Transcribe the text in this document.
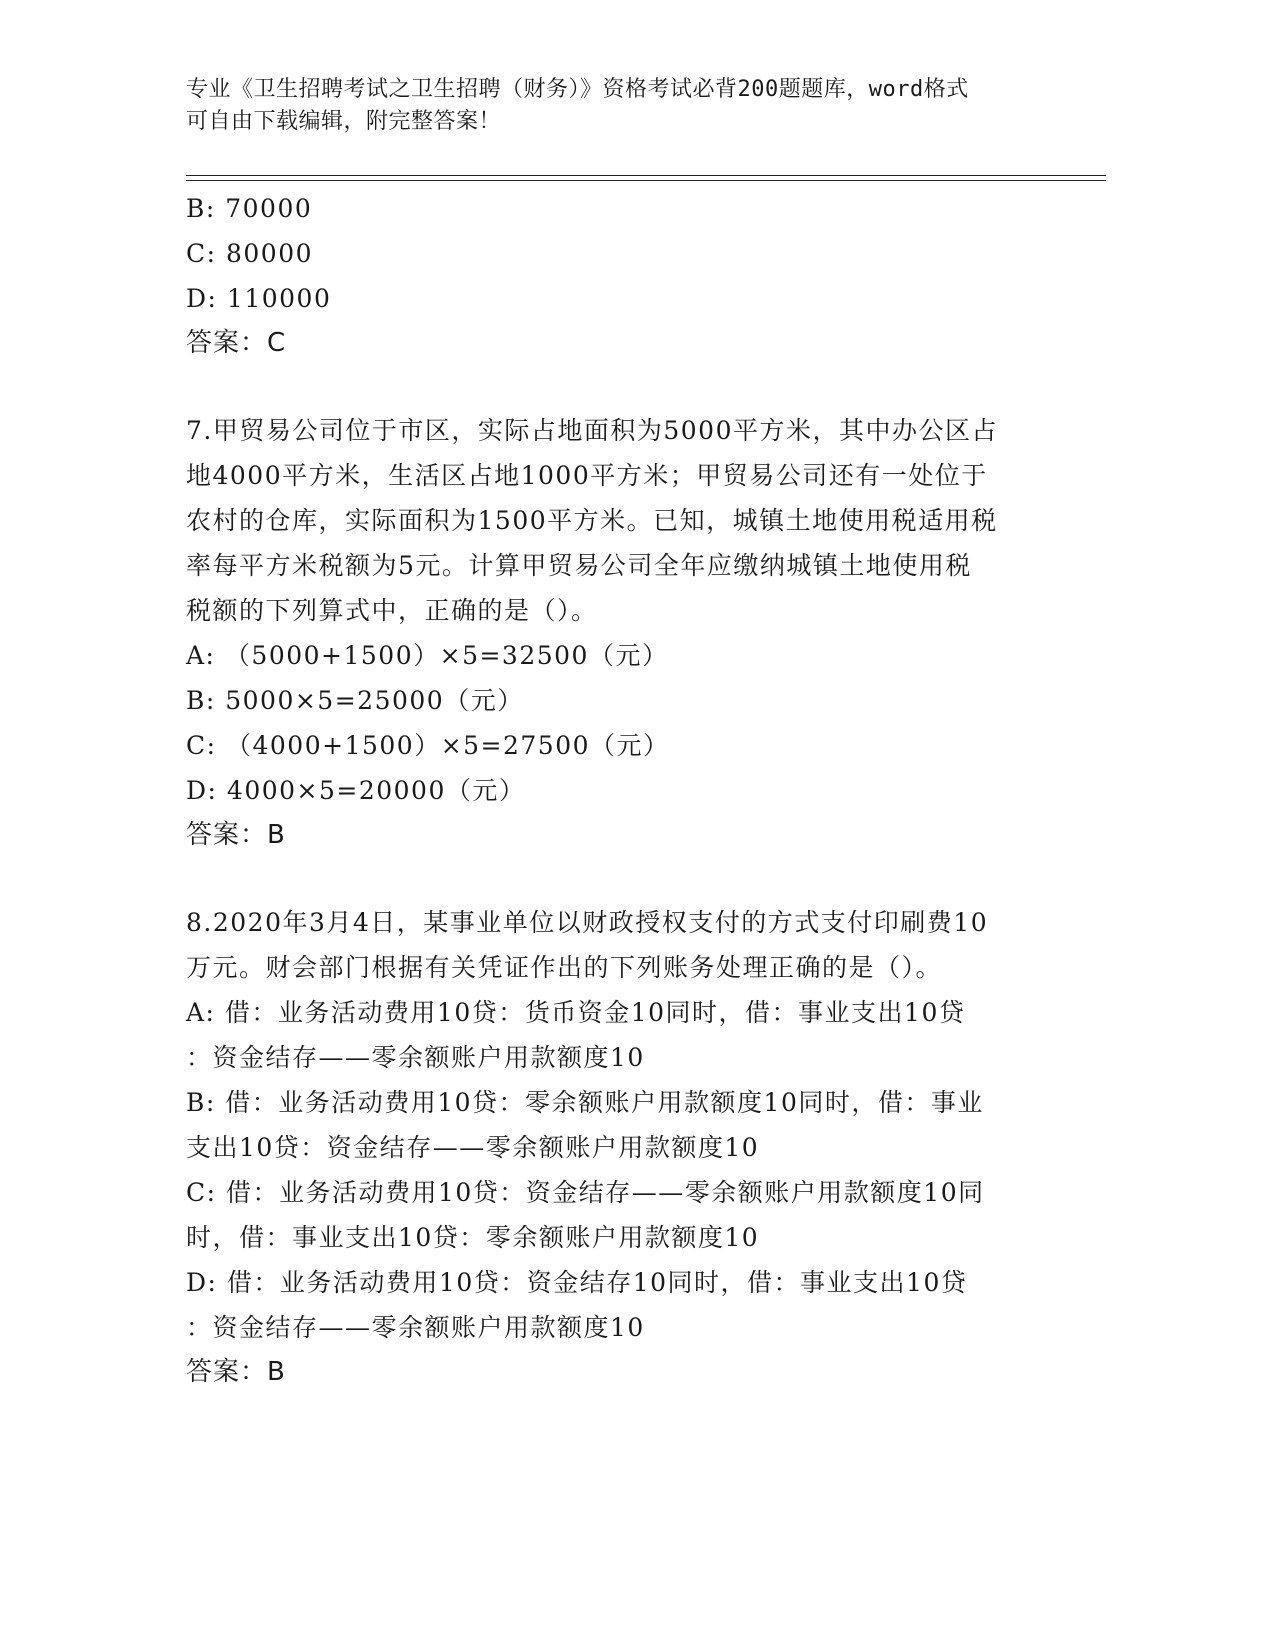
专业《卫生招聘考试之卫生招聘（财务）》资格考试必背200题题库，word格式
可自由下载编辑，附完整答案！
B: 70000
C: 80000
D: 110000
答案：C
7.甲贸易公司位于市区，实际占地面积为5000平方米，其中办公区占
地4000平方米，生活区占地1000平方米；甲贸易公司还有一处位于
农村的仓库，实际面积为1500平方米。已知，城镇土地使用税适用税
率每平方米税额为5元。计算甲贸易公司全年应缴纳城镇土地使用税
税额的下列算式中，正确的是（）。
A: （5000+1500）×5=32500（元）
B: 5000×5=25000（元）
C: （4000+1500）×5=27500（元）
D: 4000×5=20000（元）
答案：B
8.2020年3月4日，某事业单位以财政授权支付的方式支付印刷费10
万元。财会部门根据有关凭证作出的下列账务处理正确的是（）。
A: 借：业务活动费用10贷：货币资金10同时，借：事业支出10贷
：资金结存——零余额账户用款额度10
B: 借：业务活动费用10贷：零余额账户用款额度10同时，借：事业
支出10贷：资金结存——零余额账户用款额度10
C: 借：业务活动费用10贷：资金结存——零余额账户用款额度10同
时，借：事业支出10贷：零余额账户用款额度10
D: 借：业务活动费用10贷：资金结存10同时，借：事业支出10贷
：资金结存——零余额账户用款额度10
答案：B
